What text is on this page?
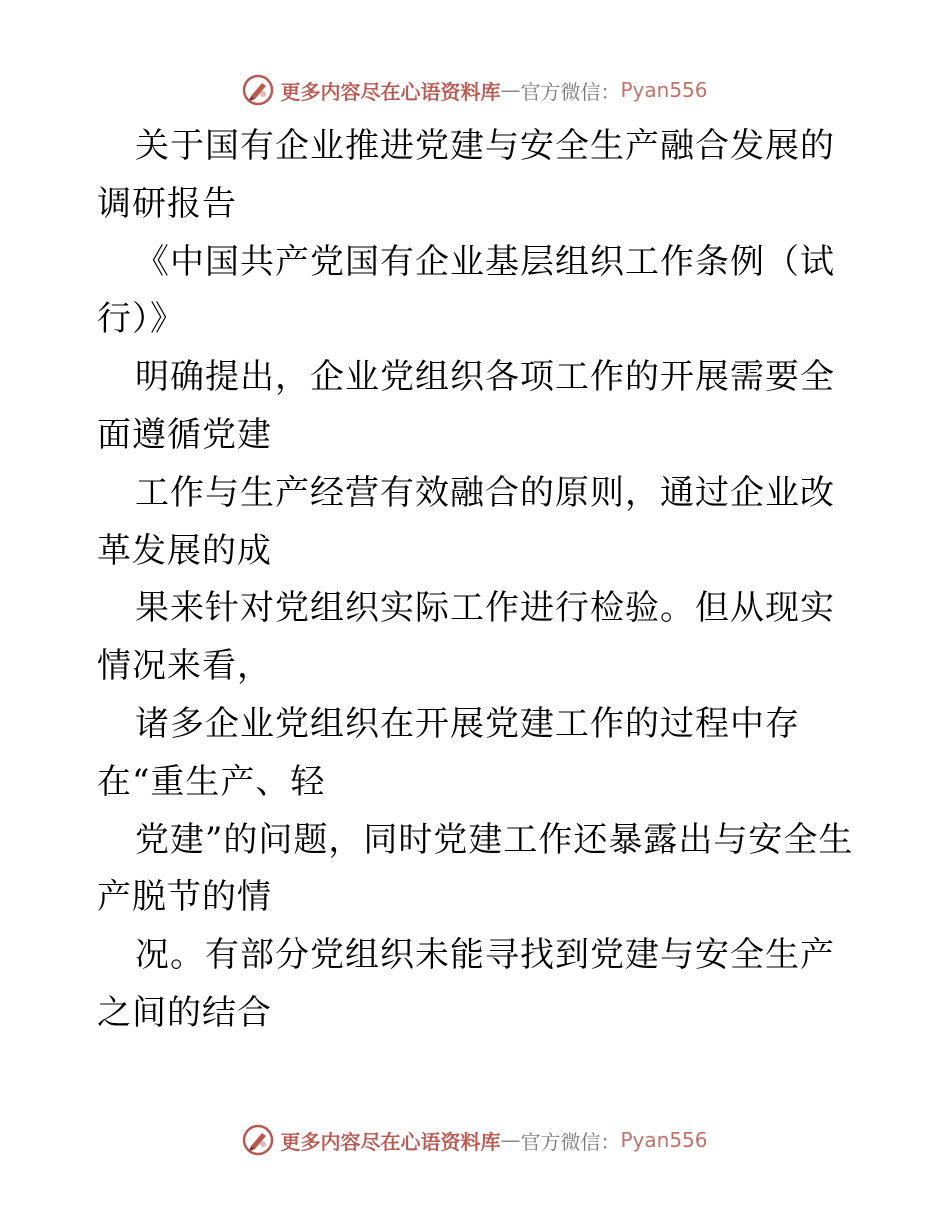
更多内容尽在心语资料库 — 官方微信： Pyan556

关于国有企业推进党建与安全生产融合发展的调研报告

《中国共产党国有企业基层组织工作条例（试行）》

明确提出，企业党组织各项工作的开展需要全面遵循党建

工作与生产经营有效融合的原则，通过企业改革发展的成

果来针对党组织实际工作进行检验。但从现实情况来看，

诸多企业党组织在开展党建工作的过程中存在“重生产、轻

党建”的问题，同时党建工作还暴露出与安全生产脱节的情

况。有部分党组织未能寻找到党建与安全生产之间的结合

更多内容尽在心语资料库 — 官方微信： Pyan556
